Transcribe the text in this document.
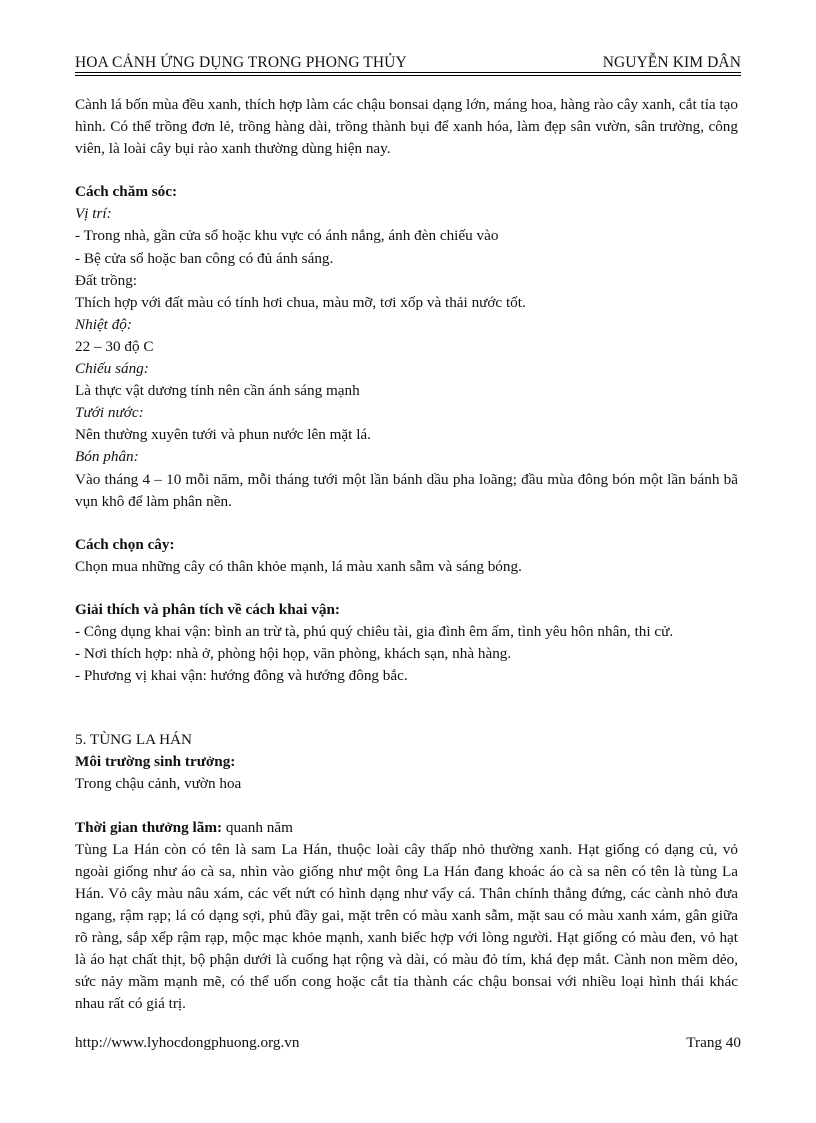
HOA CẢNH ỨNG DỤNG TRONG PHONG THỦY	NGUYỄN KIM DÂN

Cành lá bốn mùa đều xanh, thích hợp làm các chậu bonsai dạng lớn, máng hoa, hàng rào cây xanh, cắt tỉa tạo hình. Có thể trồng đơn lẻ, trồng hàng dài, trồng thành bụi để xanh hóa, làm đẹp sân vườn, sân trường, công viên, là loài cây bụi rào xanh thường dùng hiện nay.

Cách chăm sóc:

Vị trí:

- Trong nhà, gần cửa sổ hoặc khu vực có ánh nắng, ánh đèn chiếu vào

- Bệ cửa sổ hoặc ban công có đủ ánh sáng.

Đất trồng:

Thích hợp với đất màu có tính hơi chua, màu mỡ, tơi xốp và thải nước tốt.

Nhiệt độ:

22 – 30 độ C

Chiếu sáng:

Là thực vật dương tính nên cần ánh sáng mạnh

Tưới nước:

Nên thường xuyên tưới và phun nước lên mặt lá.

Bón phân:

Vào tháng 4 – 10 mỗi năm, mỗi tháng tưới một lần bánh dầu pha loãng; đầu mùa đông bón một lần bánh bã vụn khô để làm phân nền.

Cách chọn cây:

Chọn mua những cây có thân khỏe mạnh, lá màu xanh sẫm và sáng bóng.

Giải thích và phân tích về cách khai vận:

- Công dụng khai vận: bình an trừ tà, phú quý chiêu tài, gia đình êm ấm, tình yêu hôn nhân, thi cử.

- Nơi thích hợp: nhà ở, phòng hội họp, văn phòng, khách sạn, nhà hàng.

- Phương vị khai vận: hướng đông và hướng đông bắc.

5. TÙNG LA HÁN

Môi trường sinh trưởng:

Trong chậu cảnh, vườn hoa

Thời gian thưởng lãm: quanh năm

Tùng La Hán còn có tên là sam La Hán, thuộc loài cây thấp nhỏ thường xanh. Hạt giống có dạng củ, vỏ ngoài giống như áo cà sa, nhìn vào giống như một ông La Hán đang khoác áo cà sa nên có tên là tùng La Hán. Vỏ cây màu nâu xám, các vết nứt có hình dạng như vẩy cá. Thân chính thẳng đứng, các cành nhỏ đưa ngang, rậm rạp; lá có dạng sợi, phủ đầy gai, mặt trên có màu xanh sẫm, mặt sau có màu xanh xám, gân giữa rõ ràng, sắp xếp rậm rạp, mộc mạc khỏe mạnh, xanh biếc hợp với lòng người. Hạt giống có màu đen, vỏ hạt là áo hạt chất thịt, bộ phận dưới là cuống hạt rộng và dài, có màu đỏ tím, khá đẹp mắt. Cành non mềm dẻo, sức nảy mầm mạnh mẽ, có thể uốn cong hoặc cắt tỉa thành các chậu bonsai với nhiều loại hình thái khác nhau rất có giá trị.

http://www.lyhocdongphuong.org.vn	Trang 40
